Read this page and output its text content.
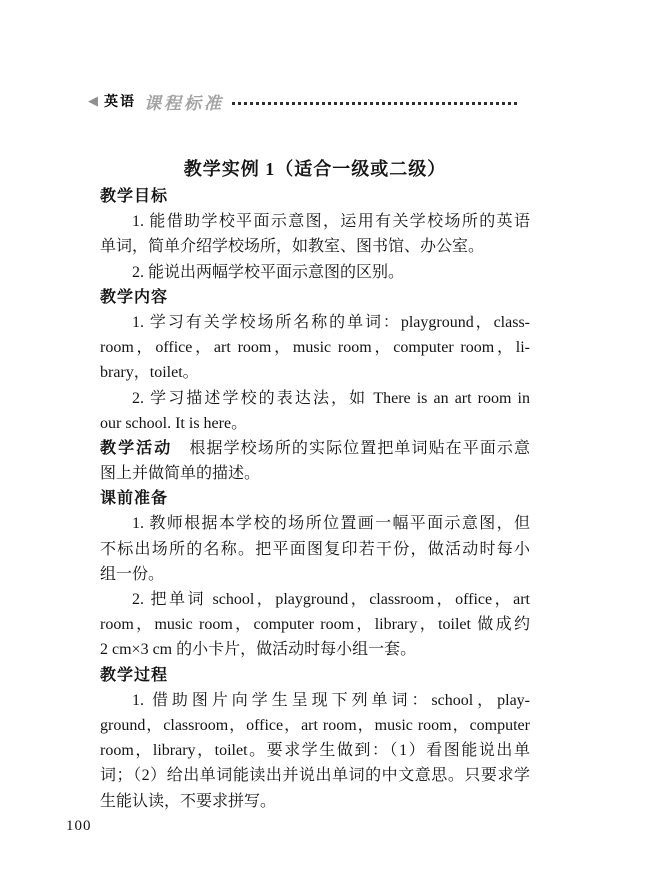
◀ 英语 课程标准
教学实例 1（适合一级或二级）
教学目标
1. 能借助学校平面示意图，运用有关学校场所的英语
单词，简单介绍学校场所，如教室、图书馆、办公室。
2. 能说出两幅学校平面示意图的区别。
教学内容
1. 学习有关学校场所名称的单词：playground，class-
room，office，art room，music room，computer room，li-
brary，toilet。
2. 学习描述学校的表达法，如 There is an art room in
our school. It is here。
教学活动　根据学校场所的实际位置把单词贴在平面示意
图上并做简单的描述。
课前准备
1. 教师根据本学校的场所位置画一幅平面示意图，但
不标出场所的名称。把平面图复印若干份，做活动时每小
组一份。
2. 把单词 school，playground，classroom，office，art
room，music room，computer room，library，toilet 做成约
2 cm×3 cm 的小卡片，做活动时每小组一套。
教学过程
1. 借助图片向学生呈现下列单词：school，play-
ground，classroom，office，art room，music room，computer
room，library，toilet。要求学生做到：（1）看图能说出单
词；（2）给出单词能读出并说出单词的中文意思。只要求学
生能认读，不要求拼写。
100
